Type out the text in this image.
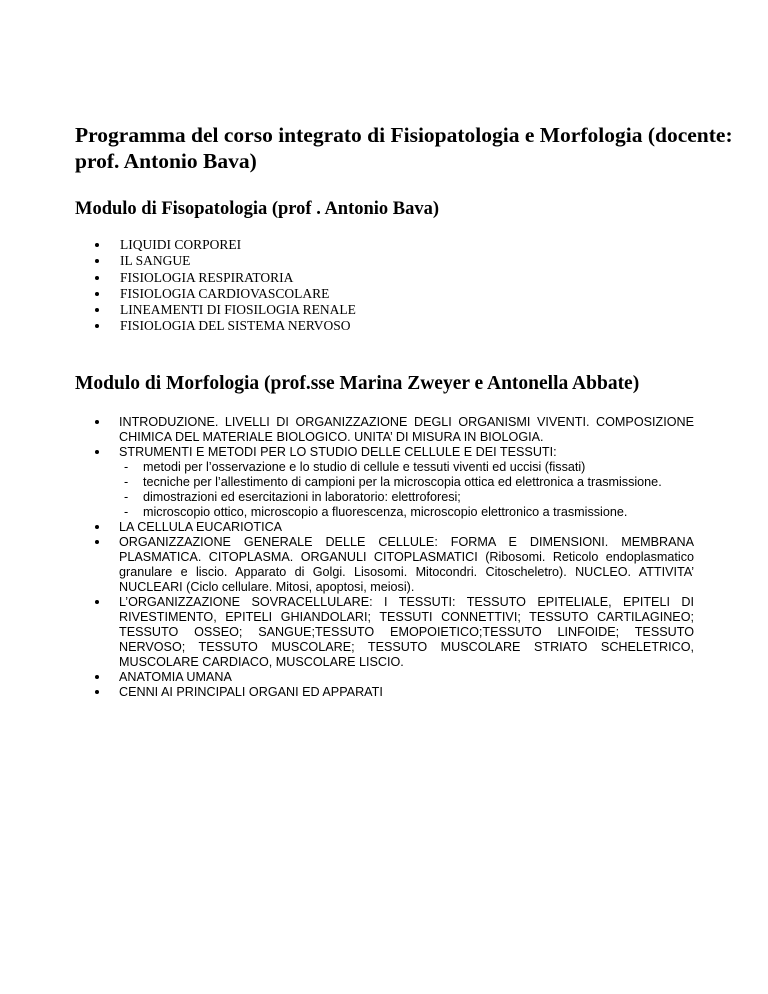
Programma del corso integrato di Fisiopatologia e Morfologia (docente: prof. Antonio Bava)
Modulo di Fisopatologia (prof . Antonio Bava)
LIQUIDI CORPOREI
IL SANGUE
FISIOLOGIA RESPIRATORIA
FISIOLOGIA CARDIOVASCOLARE
LINEAMENTI DI FIOSILOGIA RENALE
FISIOLOGIA DEL SISTEMA NERVOSO
Modulo di Morfologia (prof.sse Marina Zweyer e Antonella Abbate)
INTRODUZIONE. LIVELLI DI ORGANIZZAZIONE DEGLI ORGANISMI VIVENTI. COMPOSIZIONE CHIMICA DEL MATERIALE BIOLOGICO. UNITA’ DI MISURA IN BIOLOGIA.
STRUMENTI E METODI PER LO STUDIO DELLE CELLULE E DEI TESSUTI:
- metodi per l’osservazione e lo studio di cellule e tessuti viventi ed uccisi (fissati)
- tecniche per l’allestimento di campioni per la microscopia ottica ed elettronica a trasmissione.
- dimostrazioni ed esercitazioni in laboratorio: elettroforesi;
- microscopio ottico, microscopio a fluorescenza, microscopio elettronico a trasmissione.
LA CELLULA EUCARIOTICA
ORGANIZZAZIONE GENERALE DELLE CELLULE: FORMA E DIMENSIONI. MEMBRANA PLASMATICA. CITOPLASMA. ORGANULI CITOPLASMATICI (Ribosomi. Reticolo endoplasmatico granulare e liscio. Apparato di Golgi. Lisosomi. Mitocondri. Citoscheletro). NUCLEO. ATTIVITA’ NUCLEARI (Ciclo cellulare. Mitosi, apoptosi, meiosi).
L’ORGANIZZAZIONE SOVRACELLULARE: I TESSUTI: TESSUTO EPITELIALE, EPITELI DI RIVESTIMENTO, EPITELI GHIANDOLARI; TESSUTI CONNETTIVI; TESSUTO CARTILAGINEO; TESSUTO OSSEO; SANGUE;TESSUTO EMOPOIETICO;TESSUTO LINFOIDE; TESSUTO NERVOSO; TESSUTO MUSCOLARE; TESSUTO MUSCOLARE STRIATO SCHELETRICO, MUSCOLARE CARDIACO, MUSCOLARE LISCIO.
ANATOMIA UMANA
CENNI AI PRINCIPALI ORGANI ED APPARATI
